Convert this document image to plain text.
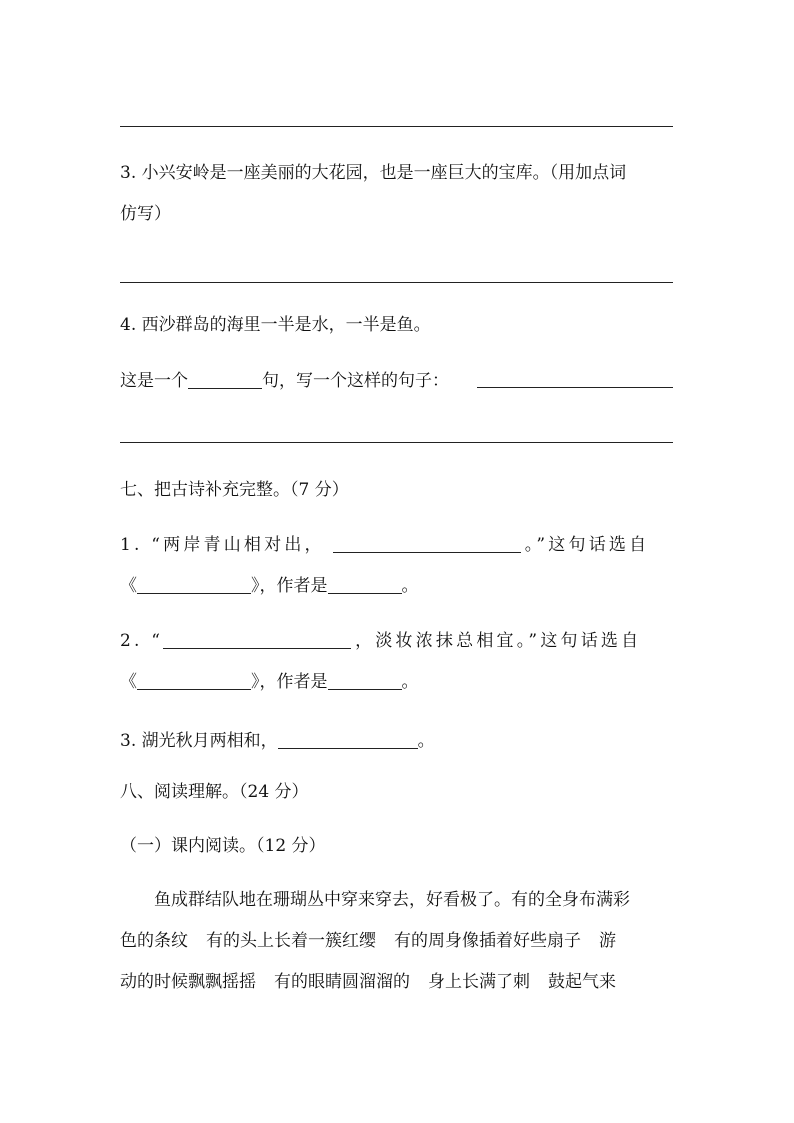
3. 小兴安岭是一座美丽的大花园，也是一座巨大的宝库。（用加点词
仿写）
4. 西沙群岛的海里一半是水，一半是鱼。
这是一个	句，写一个这样的句子：
七、把古诗补充完整。（7 分）
1. “两岸青山相对出，	。”这句话选自
《	》，作者是	。
2. “	，淡妆浓抹总相宜。”这句话选自
《	》，作者是	。
3. 湖光秋月两相和，	。
八、阅读理解。（24 分）
（一）课内阅读。（12 分）
鱼成群结队地在珊瑚丛中穿来穿去，好看极了。有的全身布满彩
色的条纹 有的头上长着一簇红缨 有的周身像插着好些扇子 游
动的时候飘飘摇摇 有的眼睛圆溜溜的 身上长满了刺 鼓起气来
